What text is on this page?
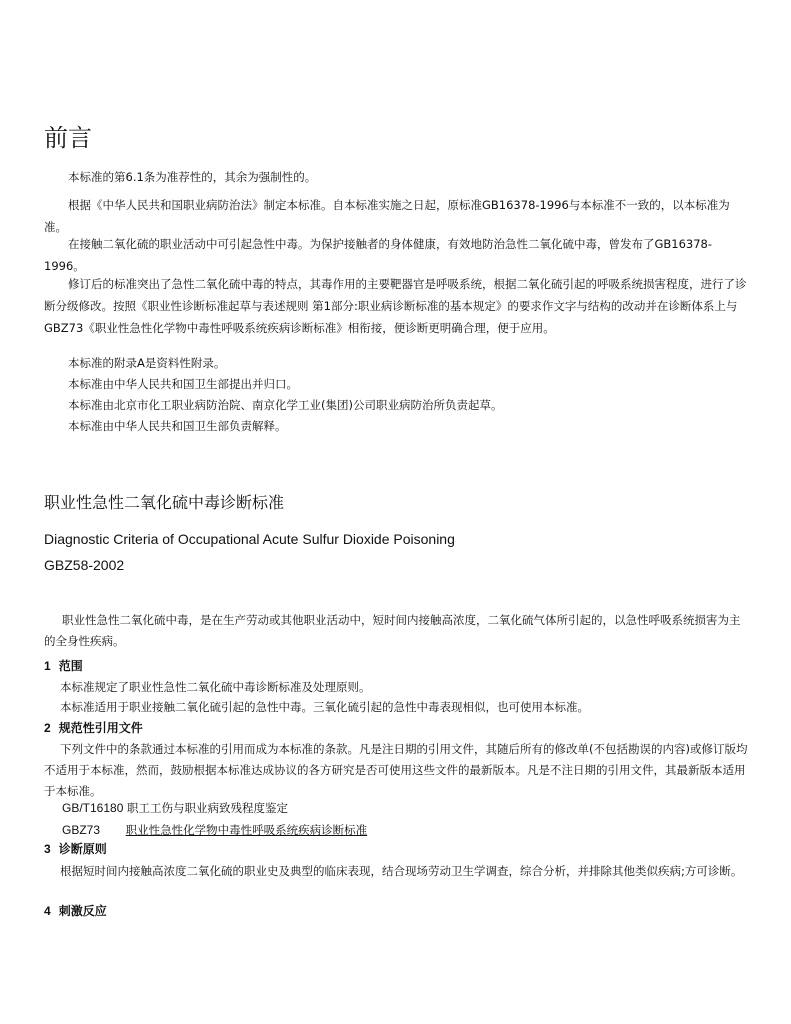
前言

本标准的第6.1条为准荐性的，其余为强制性的。

根据《中华人民共和国职业病防治法》制定本标准。自本标准实施之日起，原标准GB16378-1996与本标准不一致的，以本标准为准。

在接触二氧化硫的职业活动中可引起急性中毒。为保护接触者的身体健康，有效地防治急性二氧化硫中毒，曾发布了GB16378-1996。

修订后的标准突出了急性二氧化硫中毒的特点，其毒作用的主要靶器官是呼吸系统，根据二氧化硫引起的呼吸系统损害程度，进行了诊断分级修改。按照《职业性诊断标准起草与表述规则 第1部分:职业病诊断标准的基本规定》的要求作文字与结构的改动并在诊断体系上与GBZ73《职业性急性化学物中毒性呼吸系统疾病诊断标准》相衔接，便诊断更明确合理，便于应用。

本标准的附录A是资料性附录。

本标准由中华人民共和国卫生部提出并归口。

本标准由北京市化工职业病防治院、南京化学工业(集团)公司职业病防治所负责起草。

本标准由中华人民共和国卫生部负责解释。

职业性急性二氧化硫中毒诊断标准
Diagnostic Criteria of Occupational Acute Sulfur Dioxide Poisoning
GBZ58-2002

职业性急性二氧化硫中毒，是在生产劳动或其他职业活动中，短时间内接触高浓度，二氧化硫气体所引起的，以急性呼吸系统损害为主的全身性疾病。

1 范围

本标准规定了职业性急性二氧化硫中毒诊断标准及处理原则。

本标准适用于职业接触二氧化硫引起的急性中毒。三氧化硫引起的急性中毒表现相似，也可使用本标准。

2 规范性引用文件

下列文件中的条款通过本标准的引用而成为本标准的条款。凡是注日期的引用文件，其随后所有的修改单(不包括勘误的内容)或修订版均不适用于本标准，然而，鼓励根据本标准达成协议的各方研究是否可使用这些文件的最新版本。凡是不注日期的引用文件，其最新版本适用于本标准。

GB/T16180 职工工伤与职业病致残程度鉴定
GBZ73 职业性急性化学物中毒性呼吸系统疾病诊断标准
3 诊断原则

根据短时间内接触高浓度二氧化硫的职业史及典型的临床表现，结合现场劳动卫生学调查，综合分析，并排除其他类似疾病;方可诊断。

4 刺激反应
